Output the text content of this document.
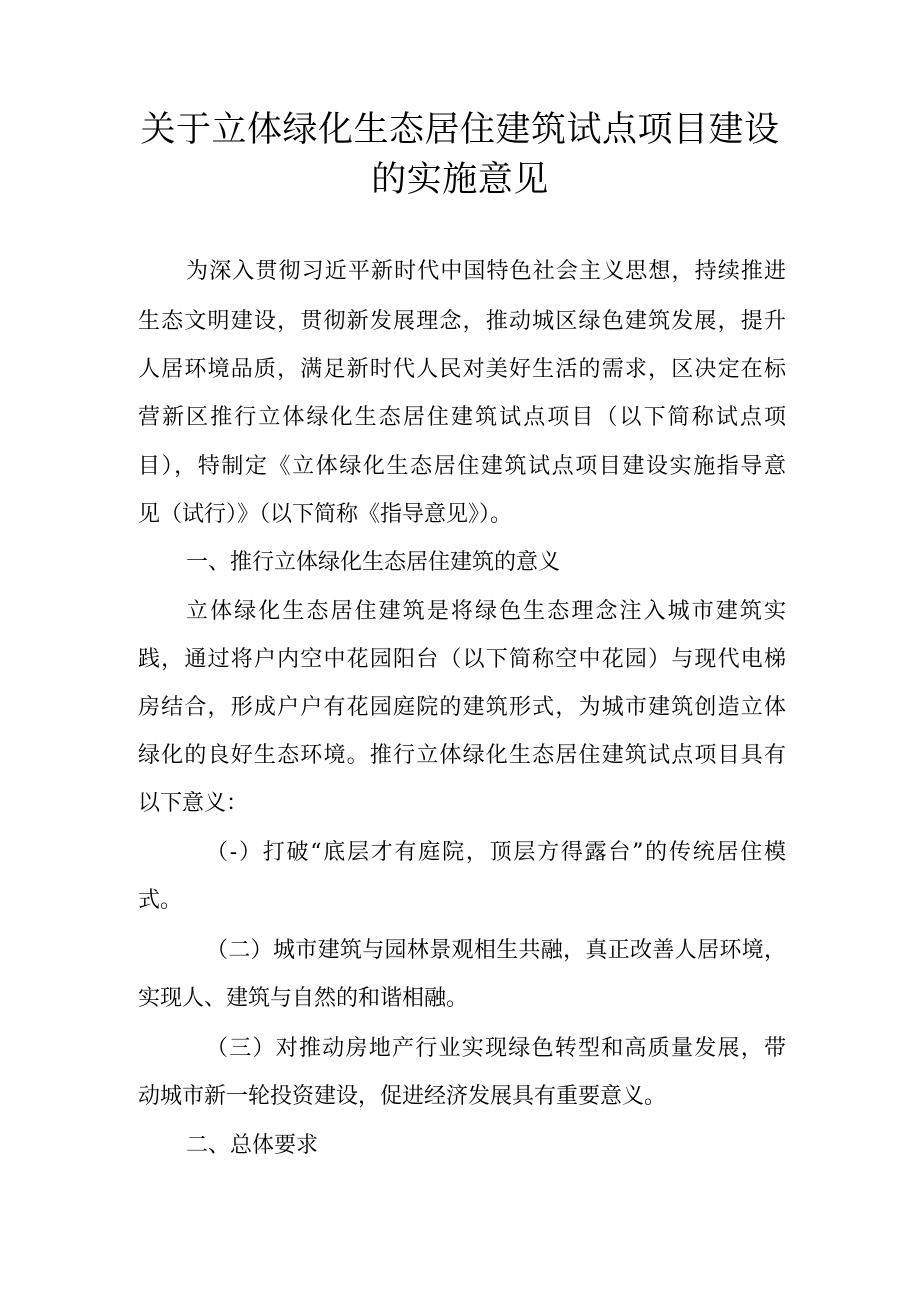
关于立体绿化生态居住建筑试点项目建设
的实施意见

为深入贯彻习近平新时代中国特色社会主义思想，持续推进

生态文明建设，贯彻新发展理念，推动城区绿色建筑发展，提升

人居环境品质，满足新时代人民对美好生活的需求，区决定在标

营新区推行立体绿化生态居住建筑试点项目（以下简称试点项

目），特制定《立体绿化生态居住建筑试点项目建设实施指导意

见（试行）》（以下简称《指导意见》）。

一、推行立体绿化生态居住建筑的意义

立体绿化生态居住建筑是将绿色生态理念注入城市建筑实

践，通过将户内空中花园阳台（以下简称空中花园）与现代电梯

房结合，形成户户有花园庭院的建筑形式，为城市建筑创造立体

绿化的良好生态环境。推行立体绿化生态居住建筑试点项目具有

以下意义：

（-）打破“底层才有庭院，顶层方得露台”的传统居住模

式。

（二）城市建筑与园林景观相生共融，真正改善人居环境，

实现人、建筑与自然的和谐相融。

（三）对推动房地产行业实现绿色转型和高质量发展，带

动城市新一轮投资建设，促进经济发展具有重要意义。

二、总体要求
